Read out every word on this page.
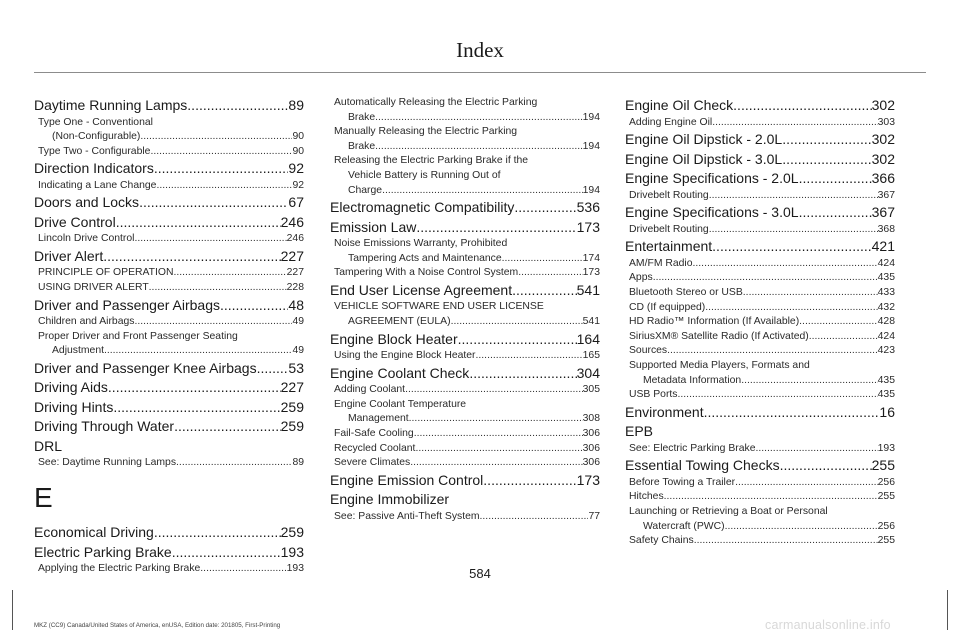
Index
Daytime Running Lamps .....	89
Type One - Conventional
(Non-Configurable) .....	90
Type Two - Configurable .....	90
Direction Indicators .....	92
Indicating a Lane Change .....	92
Doors and Locks .....	67
Drive Control .....	246
Lincoln Drive Control .....	246
Driver Alert .....	227
PRINCIPLE OF OPERATION .....	227
USING DRIVER ALERT .....	228
Driver and Passenger Airbags .....	48
Children and Airbags .....	49
Proper Driver and Front Passenger Seating
Adjustment .....	49
Driver and Passenger Knee Airbags ..... 53
Driving Aids .....	227
Driving Hints .....	259
Driving Through Water .....	259
DRL
See: Daytime Running Lamps .....	89
E
Economical Driving .....	259
Electric Parking Brake .....	193
Applying the Electric Parking Brake .....	193
Automatically Releasing the Electric Parking
Brake .....	194
Manually Releasing the Electric Parking
Brake .....	194
Releasing the Electric Parking Brake if the
Vehicle Battery is Running Out of
Charge .....	194
Electromagnetic Compatibility .....	536
Emission Law .....	173
Noise Emissions Warranty, Prohibited
Tampering Acts and Maintenance .....	174
Tampering With a Noise Control System .....	173
End User License Agreement .....	541
VEHICLE SOFTWARE END USER LICENSE
AGREEMENT (EULA) .....	541
Engine Block Heater .....	164
Using the Engine Block Heater .....	165
Engine Coolant Check .....	304
Adding Coolant .....	305
Engine Coolant Temperature
Management .....	308
Fail-Safe Cooling .....	306
Recycled Coolant .....	306
Severe Climates .....	306
Engine Emission Control .....	173
Engine Immobilizer
See: Passive Anti-Theft System .....	77
Engine Oil Check .....	302
Adding Engine Oil .....	303
Engine Oil Dipstick - 2.0L .....	302
Engine Oil Dipstick - 3.0L .....	302
Engine Specifications - 2.0L .....	366
Drivebelt Routing .....	367
Engine Specifications - 3.0L .....	367
Drivebelt Routing .....	368
Entertainment .....	421
AM/FM Radio .....	424
Apps .....	435
Bluetooth Stereo or USB .....	433
CD (If equipped) .....	432
HD Radio™ Information (If Available) .....	428
SiriusXM® Satellite Radio (If Activated) .....	424
Sources .....	423
Supported Media Players, Formats and
Metadata Information .....	435
USB Ports .....	435
Environment .....	16
EPB
See: Electric Parking Brake .....	193
Essential Towing Checks .....	255
Before Towing a Trailer .....	256
Hitches .....	255
Launching or Retrieving a Boat or Personal
Watercraft (PWC) .....	256
Safety Chains .....	255
584
MKZ (CC9) Canada/United States of America, enUSA, Edition date: 201805, First-Printing	carmanualsonline.info
